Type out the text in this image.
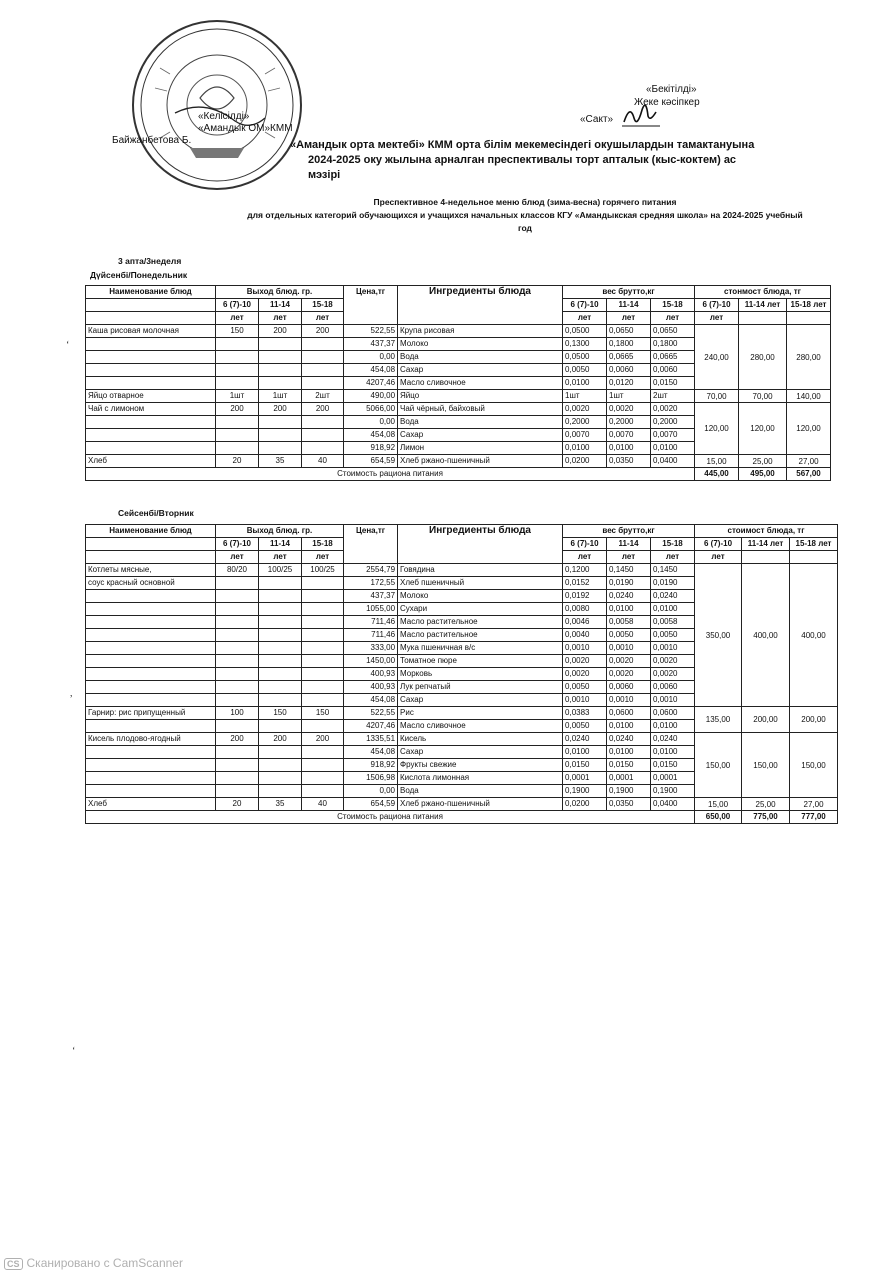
«Келiсiлдi»
«Амандык ОМ»КММ
Байжанбетова Б.
«Бекiтiлдi»
Жеке кәсiпкер
«Сакт»
«Амандык орта мектебi» КММ орта бiлiм мекемесiндегi окушылардын тамактануына
2024-2025 оку жылына арналган преспективалы торт апталык (кыс-коктем) ас мэзiрi
Преспективное 4-недельное меню блюд (зима-весна) горячего питания
для отдельных категорий обучающихся и учащихся начальных классов КГУ «Амандыкская средняя школа» на 2024-2025 учебный
год
3 апта/3неделя
Дүйсенбi/Понедельник
Наименование блюд	Выход блюд. гр.			Цена,тг	Ингредиенты блюда	вес брутто,кг			стонмост блюда, тг		
	6 (7)-10	11-14	15-18			6 (7)-10	11-14	15-18	6 (7)-10	11-14 лет	15-18 лет
	лет	лет	лет			лет	лет	лет	лет		
Каша рисовая молочная	150	200	200	522,55	Крупа рисовая	0,0500	0,0650	0,0650	240,00	280,00	280,00
				437,37	Молоко	0,1300	0,1800	0,1800			
				0,00	Вода	0,0500	0,0665	0,0665			
				454,08	Сахар	0,0050	0,0060	0,0060			
				4207,46	Масло сливочное	0,0100	0,0120	0,0150			
Яйцо отварное	1шт	1шт	2шт	490,00	Яйцо	1шт	1шт	2шт	70,00	70,00	140,00
Чай с лимоном	200	200	200	5066,00	Чай чёрный, байховый	0,0020	0,0020	0,0020	120,00	120,00	120,00
				0,00	Вода	0,2000	0,2000	0,2000			
				454,08	Сахар	0,0070	0,0070	0,0070			
				918,92	Лимон	0,0100	0,0100	0,0100			
Хлеб	20	35	40	654,59	Хлеб ржано-пшеничный	0,0200	0,0350	0,0400	15,00	25,00	27,00
Стоимость рациона питания									445,00	495,00	567,00
Сейсенбi/Вторник
Наименование блюд	Выход блюд. гр.			Цена,тг	Ингредиенты блюда	вес брутто,кг			стоимост блюда, тг		
	6 (7)-10	11-14	15-18			6 (7)-10	11-14	15-18	6 (7)-10	11-14 лет	15-18 лет
	лет	лет	лет			лет	лет	лет	лет		
Котлеты мясные,	80/20	100/25	100/25	2554,79	Говядина	0,1200	0,1450	0,1450	350,00	400,00	400,00
соус красный основной				172,55	Хлеб пшеничный	0,0152	0,0190	0,0190			
				437,37	Молоко	0,0192	0,0240	0,0240			
				1055,00	Сухари	0,0080	0,0100	0,0100			
				711,46	Масло растительное	0,0046	0,0058	0,0058			
				711,46	Масло растительное	0,0040	0,0050	0,0050			
				333,00	Мука пшеничная в/с	0,0010	0,0010	0,0010			
				1450,00	Томатное пюре	0,0020	0,0020	0,0020			
				400,93	Морковь	0,0020	0,0020	0,0020			
				400,93	Лук репчатый	0,0050	0,0060	0,0060			
				454,08	Сахар	0,0010	0,0010	0,0010			
Гарнир: рис припущенный	100	150	150	522,55	Рис	0,0383	0,0600	0,0600	135,00	200,00	200,00
				4207,46	Масло сливочное	0,0050	0,0100	0,0100			
Кисель плодово-ягодный	200	200	200	1335,51	Кисель	0,0240	0,0240	0,0240	150,00	150,00	150,00
				454,08	Сахар	0,0100	0,0100	0,0100			
				918,92	Фрукты свежие	0,0150	0,0150	0,0150			
				1506,98	Кислота лимонная	0,0001	0,0001	0,0001			
				0,00	Вода	0,1900	0,1900	0,1900			
Хлеб	20	35	40	654,59	Хлеб ржано-пшеничный	0,0200	0,0350	0,0400	15,00	25,00	27,00
Стоимость рациона питания									650,00	775,00	777,00
‘
,
‘
CS Сканировано с CamScanner
